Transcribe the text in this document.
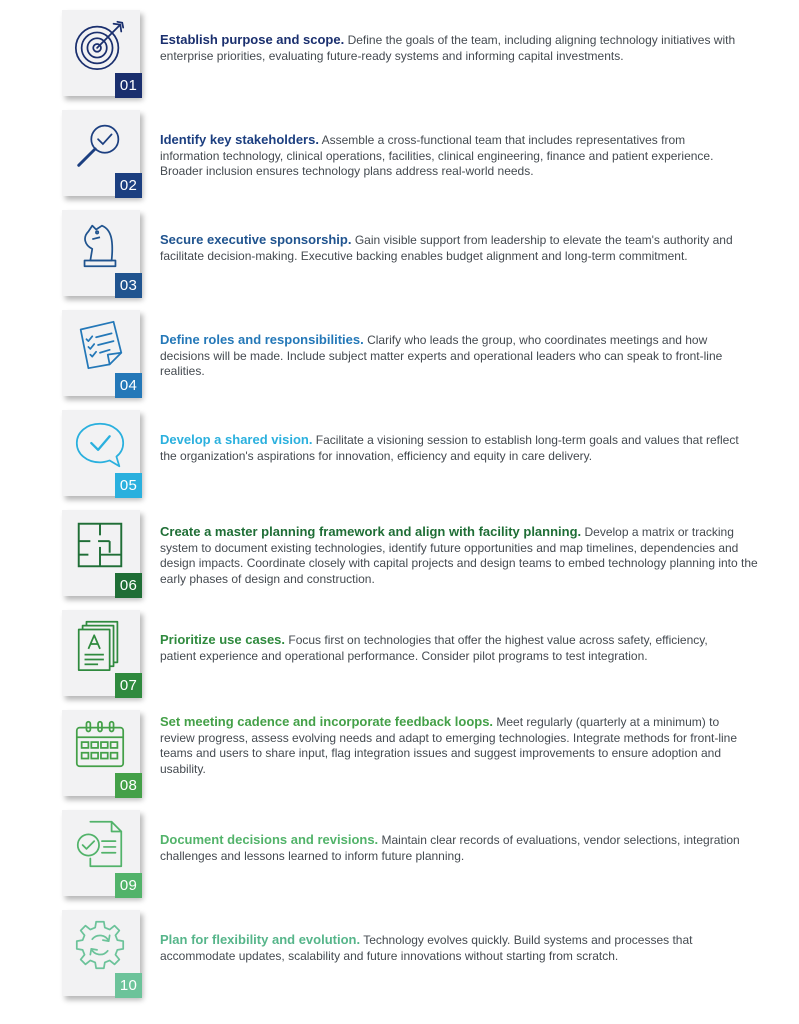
01
Establish purpose and scope. Define the goals of the team, including aligning technology initiatives with enterprise priorities, evaluating future-ready systems and informing capital investments.
02
Identify key stakeholders. Assemble a cross-functional team that includes representatives from information technology, clinical operations, facilities, clinical engineering, finance and patient experience. Broader inclusion ensures technology plans address real-world needs.
03
Secure executive sponsorship. Gain visible support from leadership to elevate the team's authority and facilitate decision-making. Executive backing enables budget alignment and long-term commitment.
04
Define roles and responsibilities. Clarify who leads the group, who coordinates meetings and how decisions will be made. Include subject matter experts and operational leaders who can speak to front-line realities.
05
Develop a shared vision. Facilitate a visioning session to establish long-term goals and values that reflect the organization's aspirations for innovation, efficiency and equity in care delivery.
06
Create a master planning framework and align with facility planning. Develop a matrix or tracking system to document existing technologies, identify future opportunities and map timelines, dependencies and design impacts. Coordinate closely with capital projects and design teams to embed technology planning into the early phases of design and construction.
07
Prioritize use cases. Focus first on technologies that offer the highest value across safety, efficiency, patient experience and operational performance. Consider pilot programs to test integration.
08
Set meeting cadence and incorporate feedback loops. Meet regularly (quarterly at a minimum) to review progress, assess evolving needs and adapt to emerging technologies. Integrate methods for front-line teams and users to share input, flag integration issues and suggest improvements to ensure adoption and usability.
09
Document decisions and revisions. Maintain clear records of evaluations, vendor selections, integration challenges and lessons learned to inform future planning.
10
Plan for flexibility and evolution. Technology evolves quickly. Build systems and processes that accommodate updates, scalability and future innovations without starting from scratch.
